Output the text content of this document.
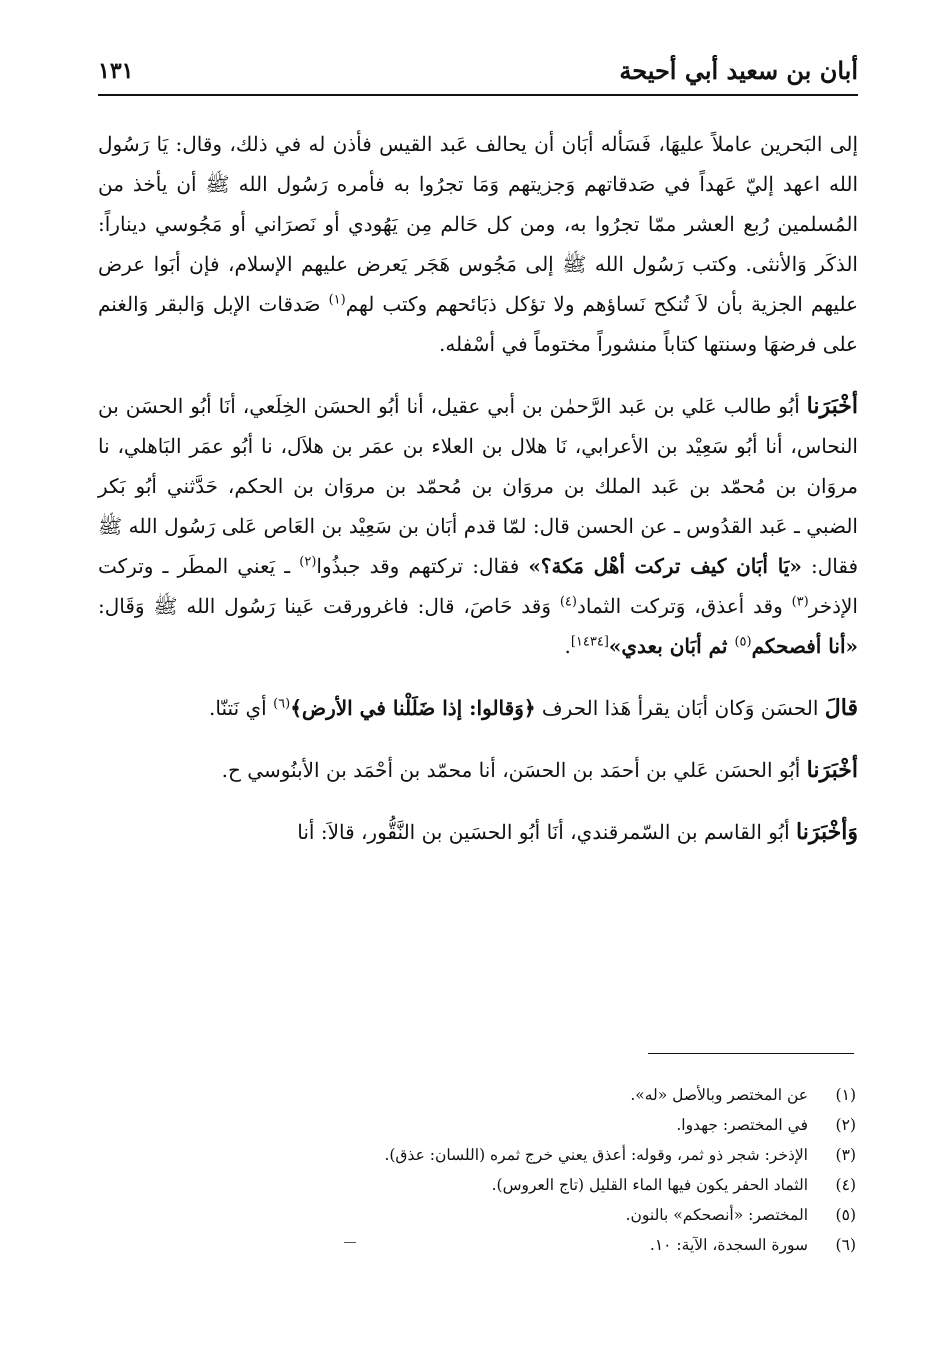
أبان بن سعيد أبي أحيحة
١٣١

إلى البَحرين عاملاً عليهَا، فَسَأله أبَان أن يحالف عَبد القيس فأذن له في ذلك، وقال: يَا رَسُول الله اعهد إليّ عَهداً في صَدقاتهم وَجزيتهم وَمَا تجرُوا به فأمره رَسُول الله ﷺ أن يأخذ من المُسلمين رُبع العشر ممّا تجرُوا به، ومن كل حَالم مِن يَهُودي أو نَصرَاني أو مَجُوسي ديناراً: الذكَر وَالأنثى. وكتب رَسُول الله ﷺ إلى مَجُوس هَجَر يَعرض عليهم الإسلام، فإن أبَوا عرض عليهم الجزية بأن لاَ تُنكح نَساؤهم ولا تؤكل ذبَائحهم وكتب لهم$^{(١)}$ صَدقات الإبل وَالبقر وَالغنم على فرضهَا وسنتها كتاباً منشوراً مختوماً في أسْفله.

أخْبَرَنا أبُو طالب عَلي بن عَبد الرَّحمٰن بن أبي عقيل، أنا أبُو الحسَن الخِلَعي، أنَا أبُو الحسَن بن النحاس، أنا أبُو سَعِيْد بن الأعرابي، نَا هلال بن العلاء بن عمَر بن هلاَل، نا أبُو عمَر البَاهلي، نا مروَان بن مُحمّد بن عَبد الملك بن مروَان بن مُحمّد بن مروَان بن الحكم، حَدَّثني أبُو بَكر الضبي ـ عَبد القدُوس ـ عن الحسن قال: لمّا قدم أبَان بن سَعِيْد بن العَاص عَلى رَسُول الله ﷺ فقال: «يَا أبَان كيف تركت أهْل مَكة؟» فقال: تركتهم وقد جبذُوا$^{(٢)}$ ـ يَعني المطَر ـ وتركت الإذخر$^{(٣)}$ وقد أعذق، وَتركت الثماد$^{(٤)}$ وَقد حَاصَ، قال: فاغرورقت عَينا رَسُول الله ﷺ وَقَال: «أنا أفصحكم$^{(٥)}$ ثم أبَان بعدي»[١٤٣٤].

قالَ الحسَن وَكان أبَان يقرأ هَذا الحرف ﴿وَقالوا: إذا ضَلَلْنا في الأرض﴾$^{(٦)}$ أي نَتنّا.

أخْبَرَنا أبُو الحسَن عَلي بن أحمَد بن الحسَن، أنا محمّد بن أحْمَد بن الأبنُوسي ح.

وَأخْبَرَنا أبُو القاسم بن السّمرقندي، أنَا أبُو الحسَين بن النَّقُّور، قالاَ: أنا

(١)
عن المختصر وبالأصل «له».
(٢)
في المختصر: جهدوا.
(٣)
الإذخر: شجر ذو ثمر، وقوله: أعذق يعني خرج ثمره (اللسان: عذق).
(٤)
الثماد الحفر يكون فيها الماء القليل (تاج العروس).
(٥)
المختصر: «أنصحكم» بالنون.
(٦)
سورة السجدة، الآية: ١٠.
